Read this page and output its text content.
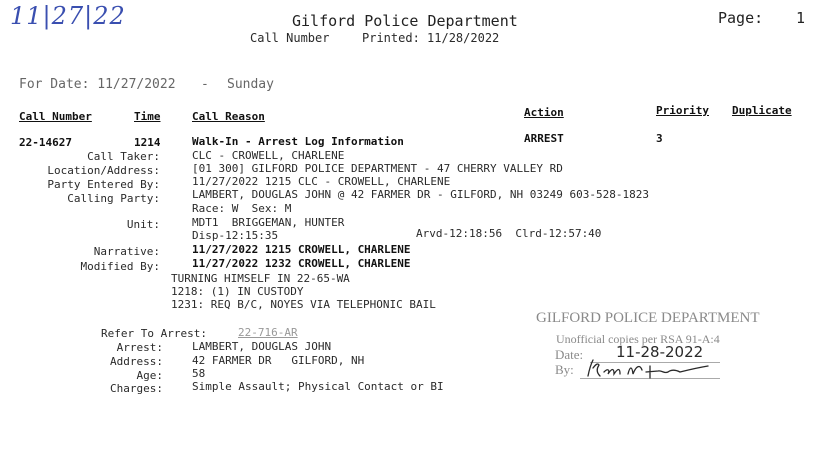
11|27|22	Gilford Police Department	Page: 1
Call Number	Printed: 11/28/2022
For Date: 11/27/2022 - Sunday
Call Number	Time	Call Reason	Action	Priority Duplicate
22-14627	1214	Walk-In - Arrest Log Information	ARREST	3
Call Taker:	CLC - CROWELL, CHARLENE
Location/Address:	[01 300] GILFORD POLICE DEPARTMENT - 47 CHERRY VALLEY RD
Party Entered By:	11/27/2022 1215 CLC - CROWELL, CHARLENE
Calling Party:	LAMBERT, DOUGLAS JOHN @ 42 FARMER DR - GILFORD, NH 03249 603-528-1823
Race: W  Sex: M
Unit:	MDT1  BRIGGEMAN, HUNTER
Disp-12:15:35	Arvd-12:18:56  Clrd-12:57:40
Narrative:	11/27/2022 1215 CROWELL, CHARLENE
Modified By:	11/27/2022 1232 CROWELL, CHARLENE
TURNING HIMSELF IN 22-65-WA
1218: (1) IN CUSTODY
1231: REQ B/C, NOYES VIA TELEPHONIC BAIL
Refer To Arrest:	22-716-AR
Arrest:	LAMBERT, DOUGLAS JOHN
Address:	42 FARMER DR   GILFORD, NH
Age:	58
Charges:	Simple Assault; Physical Contact or BI
GILFORD POLICE DEPARTMENT
Unofficial copies per RSA 91-A:4
Date: 11-28-2022
By:
